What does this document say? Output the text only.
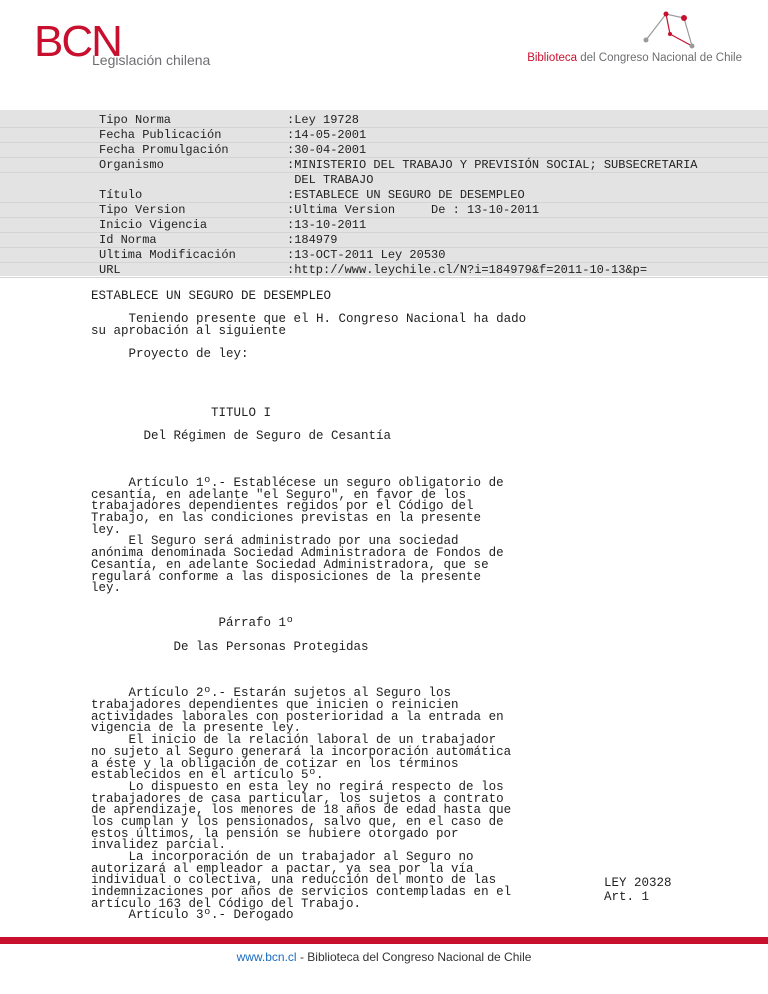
BCN
Legislación chilena	Biblioteca del Congreso Nacional de Chile
Tipo Norma	:Ley 19728
Fecha Publicación	:14-05-2001
Fecha Promulgación	:30-04-2001
Organismo	:MINISTERIO DEL TRABAJO Y PREVISIÓN SOCIAL; SUBSECRETARIA
DEL TRABAJO
Título	:ESTABLECE UN SEGURO DE DESEMPLEO
Tipo Version	:Ultima Version     De : 13-10-2011
Inicio Vigencia	:13-10-2011
Id Norma	:184979
Ultima Modificación	:13-OCT-2011 Ley 20530
URL	:http://www.leychile.cl/N?i=184979&f=2011-10-13&p=
ESTABLECE UN SEGURO DE DESEMPLEO
Teniendo presente que el H. Congreso Nacional ha dado
su aprobación al siguiente
Proyecto de ley:
TITULO I
Del Régimen de Seguro de Cesantía
Artículo 1º.- Establécese un seguro obligatorio de
cesantía, en adelante "el Seguro", en favor de los
trabajadores dependientes regidos por el Código del
Trabajo, en las condiciones previstas en la presente
ley.
El Seguro será administrado por una sociedad
anónima denominada Sociedad Administradora de Fondos de
Cesantía, en adelante Sociedad Administradora, que se
regulará conforme a las disposiciones de la presente
ley.
Párrafo 1º
De las Personas Protegidas
Artículo 2º.- Estarán sujetos al Seguro los
trabajadores dependientes que inicien o reinicien
actividades laborales con posterioridad a la entrada en
vigencia de la presente ley.
El inicio de la relación laboral de un trabajador
no sujeto al Seguro generará la incorporación automática
a éste y la obligación de cotizar en los términos
establecidos en el artículo 5º.
Lo dispuesto en esta ley no regirá respecto de los
trabajadores de casa particular, los sujetos a contrato
de aprendizaje, los menores de 18 años de edad hasta que
los cumplan y los pensionados, salvo que, en el caso de
estos últimos, la pensión se hubiere otorgado por
invalidez parcial.
La incorporación de un trabajador al Seguro no
autorizará al empleador a pactar, ya sea por la vía
individual o colectiva, una reducción del monto de las
indemnizaciones por años de servicios contempladas en el
artículo 163 del Código del Trabajo.
Artículo 3º.- Derogado
LEY 20328
Art. 1
www.bcn.cl - Biblioteca del Congreso Nacional de Chile
